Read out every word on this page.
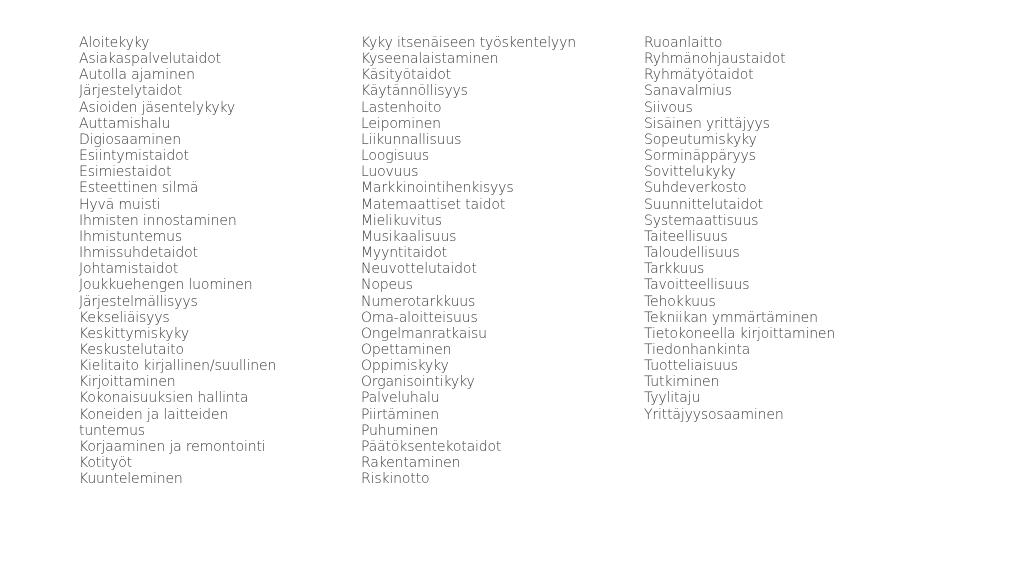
Aloitekyky
Asiakaspalvelutaidot
Autolla ajaminen
Järjestelytaidot
Asioiden jäsentelykyky
Auttamishalu
Digiosaaminen
Esiintymistaidot
Esimiestaidot
Esteettinen silmä
Hyvä muisti
Ihmisten innostaminen
Ihmistuntemus
Ihmissuhdetaidot
Johtamistaidot
Joukkuehengen luominen
Järjestelmällisyys
Kekseliäisyys
Keskittymiskyky
Keskustelutaito
Kielitaito kirjallinen/suullinen
Kirjoittaminen
Kokonaisuuksien hallinta
Koneiden ja laitteiden
tuntemus
Korjaaminen ja remontointi
Kotityöt
Kuunteleminen
Kyky itsenäiseen työskentelyyn
Kyseenalaistaminen
Käsityötaidot
Käytännöllisyys
Lastenhoito
Leipominen
Liikunnallisuus
Loogisuus
Luovuus
Markkinointihenkisyys
Matemaattiset taidot
Mielikuvitus
Musikaalisuus
Myyntitaidot
Neuvottelutaidot
Nopeus
Numerotarkkuus
Oma-aloitteisuus
Ongelmanratkaisu
Opettaminen
Oppimiskyky
Organisointikyky
Palveluhalu
Piirtäminen
Puhuminen
Päätöksentekotaidot
Rakentaminen
Riskinotto
Ruoanlaitto
Ryhmänohjaustaidot
Ryhmätyötaidot
Sanavalmius
Siivous
Sisäinen yrittäjyys
Sopeutumiskyky
Sorminäppäryys
Sovittelukyky
Suhdeverkosto
Suunnittelutaidot
Systemaattisuus
Taiteellisuus
Taloudellisuus
Tarkkuus
Tavoitteellisuus
Tehokkuus
Tekniikan ymmärtäminen
Tietokoneella kirjoittaminen
Tiedonhankinta
Tuotteliaisuus
Tutkiminen
Tyylitaju
Yrittäjyysosaaminen
